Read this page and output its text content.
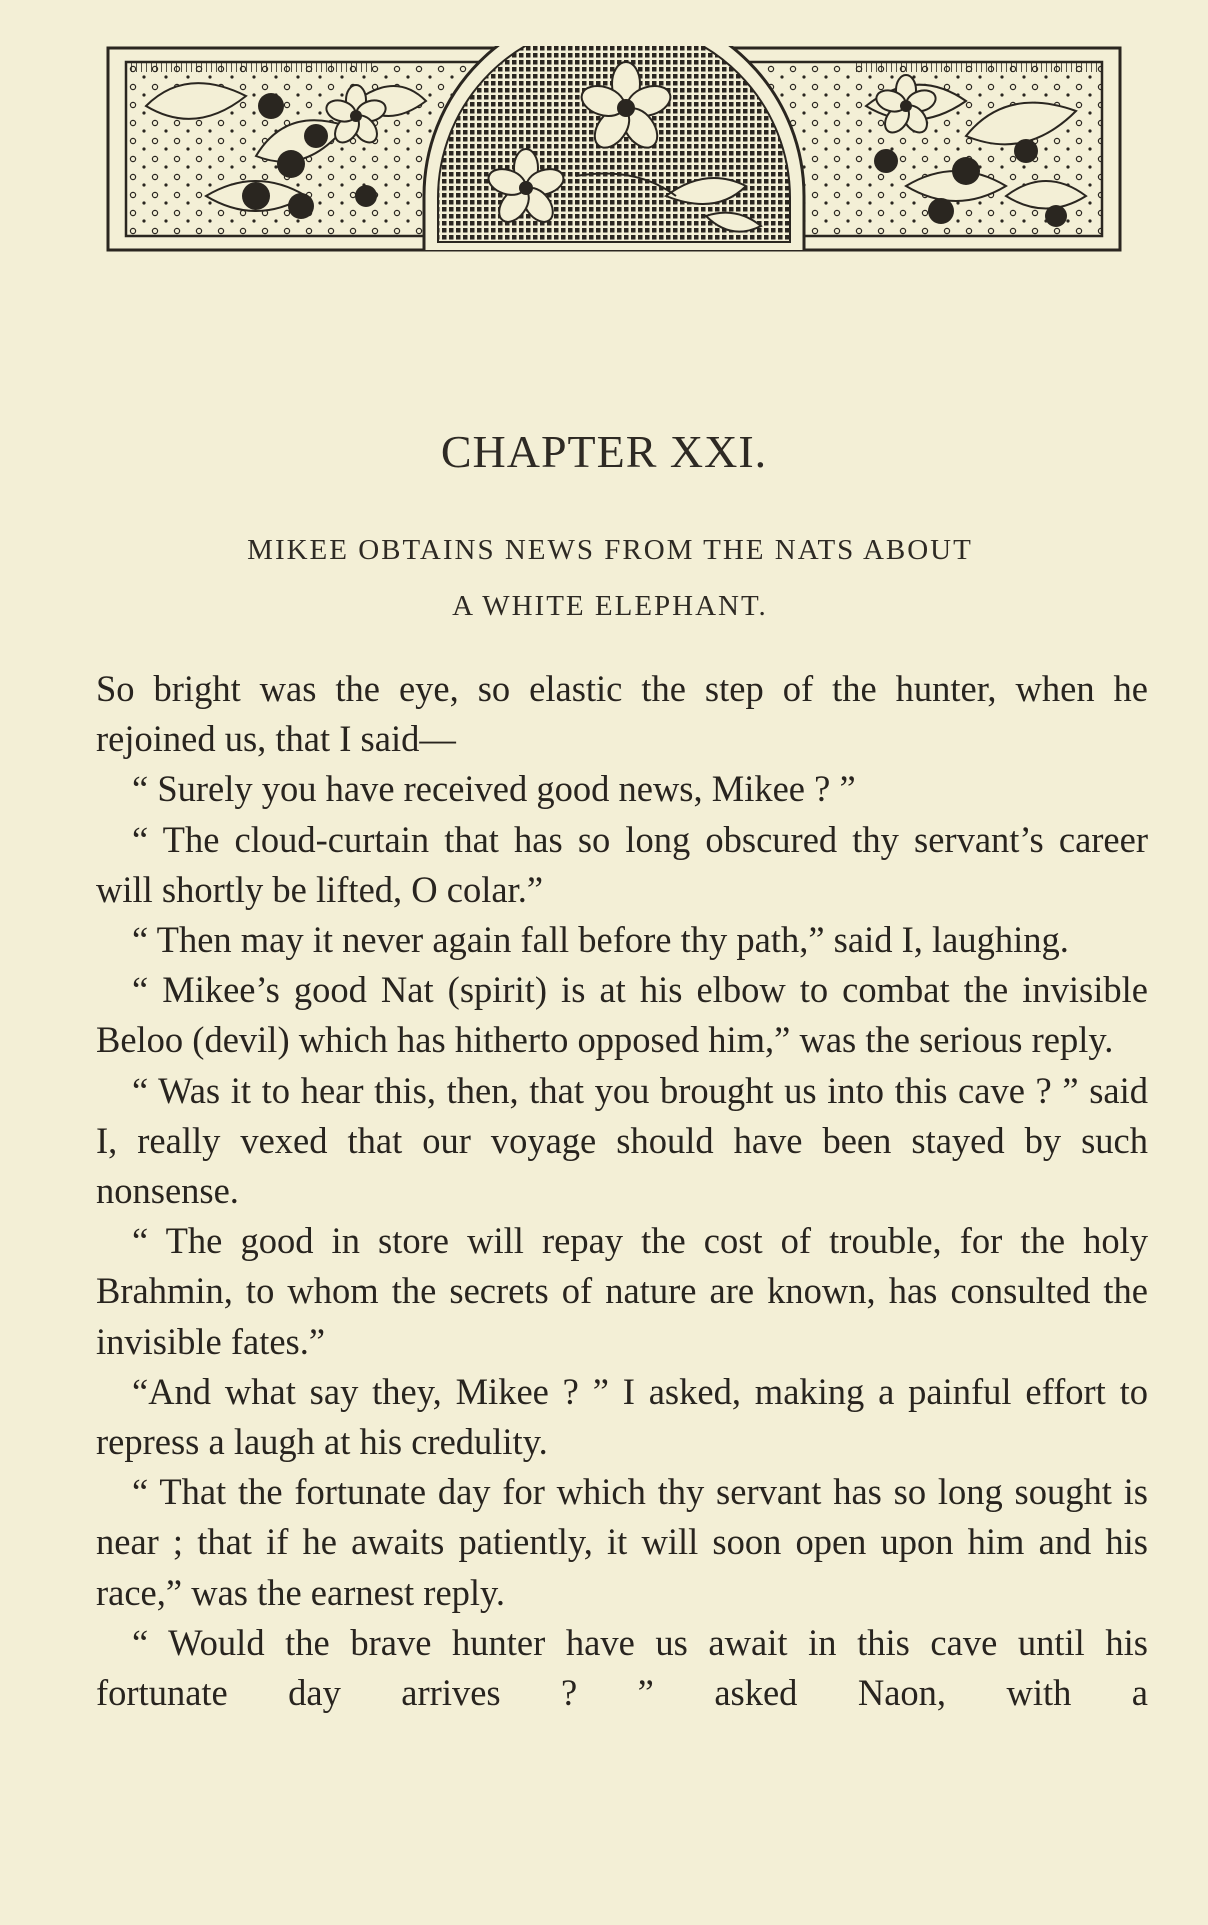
CHAPTER XXI.
MIKEE OBTAINS NEWS FROM THE NATS ABOUT
A WHITE ELEPHANT.

So bright was the eye, so elastic the step of the hunter, when he rejoined us, that I said—

“ Surely you have received good news, Mikee ? ”

“ The cloud-curtain that has so long obscured thy servant’s career will shortly be lifted, O colar.”

“ Then may it never again fall before thy path,” said I, laughing.

“ Mikee’s good Nat (spirit) is at his elbow to combat the invisible Beloo (devil) which has hitherto opposed him,” was the serious reply.

“ Was it to hear this, then, that you brought us into this cave ? ” said I, really vexed that our voyage should have been stayed by such nonsense.

“ The good in store will repay the cost of trouble, for the holy Brahmin, to whom the secrets of nature are known, has consulted the invisible fates.”

“And what say they, Mikee ? ” I asked, making a painful effort to repress a laugh at his credulity.

“ That the fortunate day for which thy servant has so long sought is near ; that if he awaits patiently, it will soon open upon him and his race,” was the earnest reply.

“ Would the brave hunter have us await in this cave until his fortunate day arrives ? ” asked Naon, with a
